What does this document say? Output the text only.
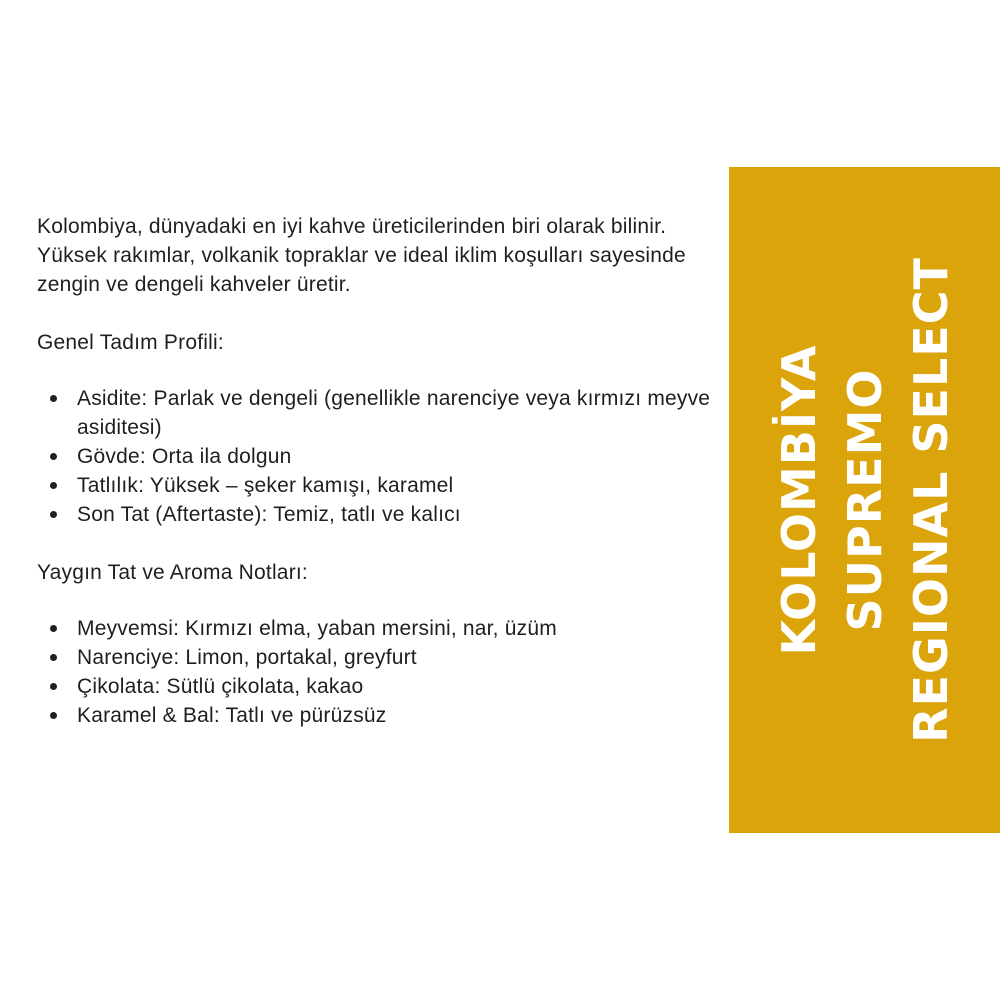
Kolombiya, dünyadaki en iyi kahve üreticilerinden biri olarak bilinir. Yüksek rakımlar, volkanik topraklar ve ideal iklim koşulları sayesinde zengin ve dengeli kahveler üretir.

Genel Tadım Profili:

Asidite: Parlak ve dengeli (genellikle narenciye veya kırmızı meyve asiditesi)
Gövde: Orta ila dolgun
Tatlılık: Yüksek – şeker kamışı, karamel
Son Tat (Aftertaste): Temiz, tatlı ve kalıcı

Yaygın Tat ve Aroma Notları:

Meyvemsi: Kırmızı elma, yaban mersini, nar, üzüm
Narenciye: Limon, portakal, greyfurt
Çikolata: Sütlü çikolata, kakao
Karamel & Bal: Tatlı ve pürüzsüz
KOLOMBİYA SUPREMO REGIONAL SELECT
